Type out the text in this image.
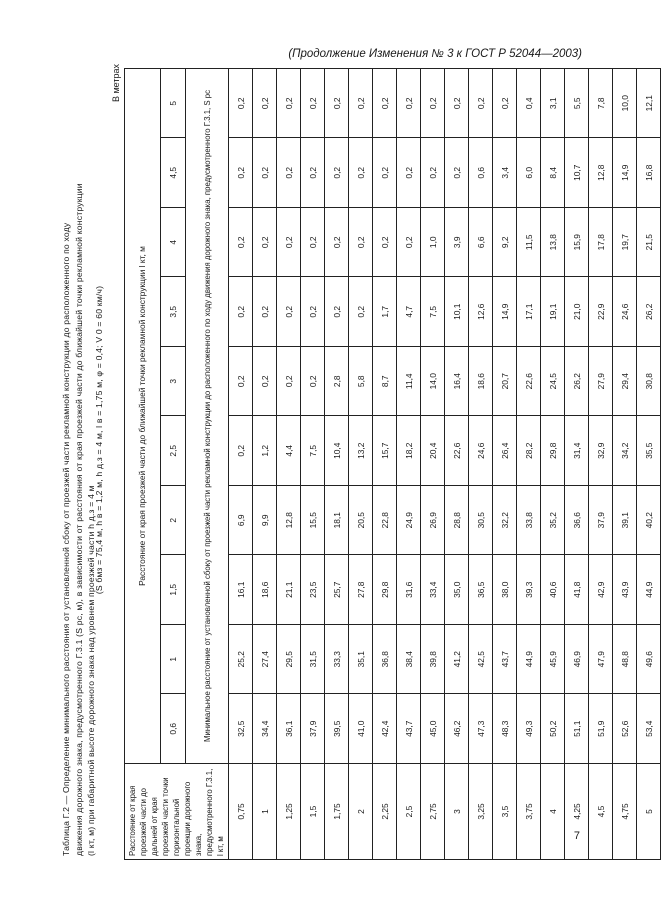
(Продолжение Изменения № 3 к ГОСТ Р 52044—2003)
Таблица Г.2 — Определение минимального расстояния от установленной сбоку от проезжей части рекламной конструкции до расположенного по ходу движения дорожного знака, предусмотренного Г.3.1 (S рс, м), в зависимости от расстояния от края проезжей части до ближайшей точки рекламной конструкции (l кт, м) при габаритной высоте дорожного знака над уровнем проезжей части h д.з = 4 м
(S бмз = 75,4 м, h в = 1,2 м, h д.з = 4 м, l в = 1,75 м, φ = 0,4; V 0 = 60 км/ч)
В метрах
Расстояние от края проезжей части до дальней от края проезжей части точки горизонтальной проекции дорожного знака, предусмотренного Г.3.1, l кт, м	Расстояние от края проезжей части до ближайшей точки рекламной конструкции l кт, м									
	0,6	1	1,5	2	2,5	3	3,5	4	4,5	5
	Минимальное расстояние от установленной сбоку от проезжей части рекламной конструкции до расположенного по ходу движения дорожного знака, предусмотренного Г.3.1, S рс									
0,75	32,5	25,2	16,1	6,9	0,2	0,2	0,2	0,2	0,2	0,2
1	34,4	27,4	18,6	9,9	1,2	0,2	0,2	0,2	0,2	0,2
1,25	36,1	29,5	21,1	12,8	4,4	0,2	0,2	0,2	0,2	0,2
1,5	37,9	31,5	23,5	15,5	7,5	0,2	0,2	0,2	0,2	0,2
1,75	39,5	33,3	25,7	18,1	10,4	2,8	0,2	0,2	0,2	0,2
2	41,0	35,1	27,8	20,5	13,2	5,8	0,2	0,2	0,2	0,2
2,25	42,4	36,8	29,8	22,8	15,7	8,7	1,7	0,2	0,2	0,2
2,5	43,7	38,4	31,6	24,9	18,2	11,4	4,7	0,2	0,2	0,2
2,75	45,0	39,8	33,4	26,9	20,4	14,0	7,5	1,0	0,2	0,2
3	46,2	41,2	35,0	28,8	22,6	16,4	10,1	3,9	0,2	0,2
3,25	47,3	42,5	36,5	30,5	24,6	18,6	12,6	6,6	0,6	0,2
3,5	48,3	43,7	38,0	32,2	26,4	20,7	14,9	9,2	3,4	0,2
3,75	49,3	44,9	39,3	33,8	28,2	22,6	17,1	11,5	6,0	0,4
4	50,2	45,9	40,6	35,2	29,8	24,5	19,1	13,8	8,4	3,1
4,25	51,1	46,9	41,8	36,6	31,4	26,2	21,0	15,9	10,7	5,5
4,5	51,9	47,9	42,9	37,9	32,9	27,9	22,9	17,8	12,8	7,8
4,75	52,6	48,8	43,9	39,1	34,2	29,4	24,6	19,7	14,9	10,0
5	53,4	49,6	44,9	40,2	35,5	30,8	26,2	21,5	16,8	12,1
7
